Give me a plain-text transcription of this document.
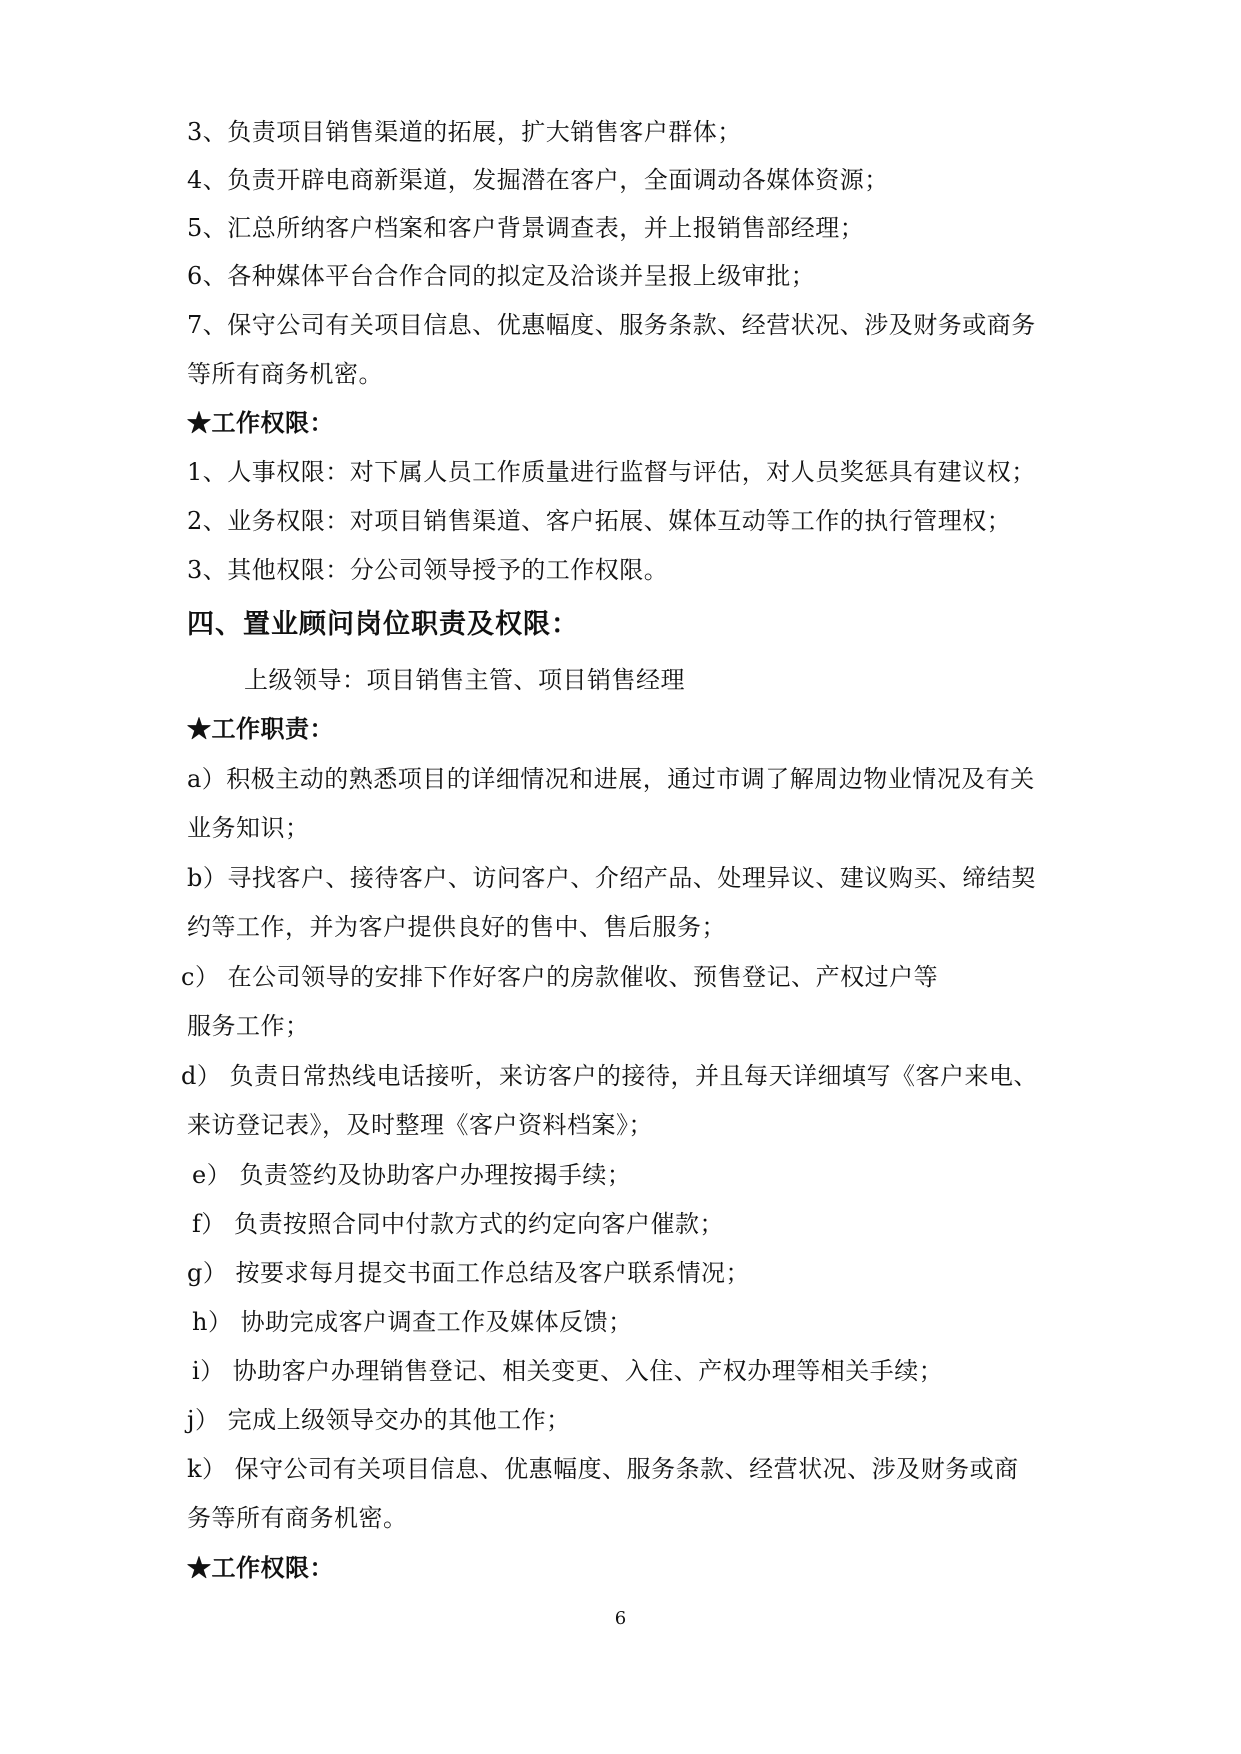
3、负责项目销售渠道的拓展，扩大销售客户群体；
4、负责开辟电商新渠道，发掘潜在客户，全面调动各媒体资源；
5、汇总所纳客户档案和客户背景调查表，并上报销售部经理；
6、各种媒体平台合作合同的拟定及洽谈并呈报上级审批；
7、保守公司有关项目信息、优惠幅度、服务条款、经营状况、涉及财务或商务
等所有商务机密。
★工作权限：
1、人事权限：对下属人员工作质量进行监督与评估，对人员奖惩具有建议权；
2、业务权限：对项目销售渠道、客户拓展、媒体互动等工作的执行管理权；
3、其他权限：分公司领导授予的工作权限。
四、置业顾问岗位职责及权限：
上级领导：项目销售主管、项目销售经理
★工作职责：
a）积极主动的熟悉项目的详细情况和进展，通过市调了解周边物业情况及有关
业务知识；
b）寻找客户、接待客户、访问客户、介绍产品、处理异议、建议购买、缔结契
约等工作，并为客户提供良好的售中、售后服务；
c） 在公司领导的安排下作好客户的房款催收、预售登记、产权过户等
服务工作；
d） 负责日常热线电话接听，来访客户的接待，并且每天详细填写《客户来电、
来访登记表》，及时整理《客户资料档案》；
e） 负责签约及协助客户办理按揭手续；
f） 负责按照合同中付款方式的约定向客户催款；
g） 按要求每月提交书面工作总结及客户联系情况；
h） 协助完成客户调查工作及媒体反馈；
i） 协助客户办理销售登记、相关变更、入住、产权办理等相关手续；
j） 完成上级领导交办的其他工作；
k） 保守公司有关项目信息、优惠幅度、服务条款、经营状况、涉及财务或商
务等所有商务机密。
★工作权限：
6
